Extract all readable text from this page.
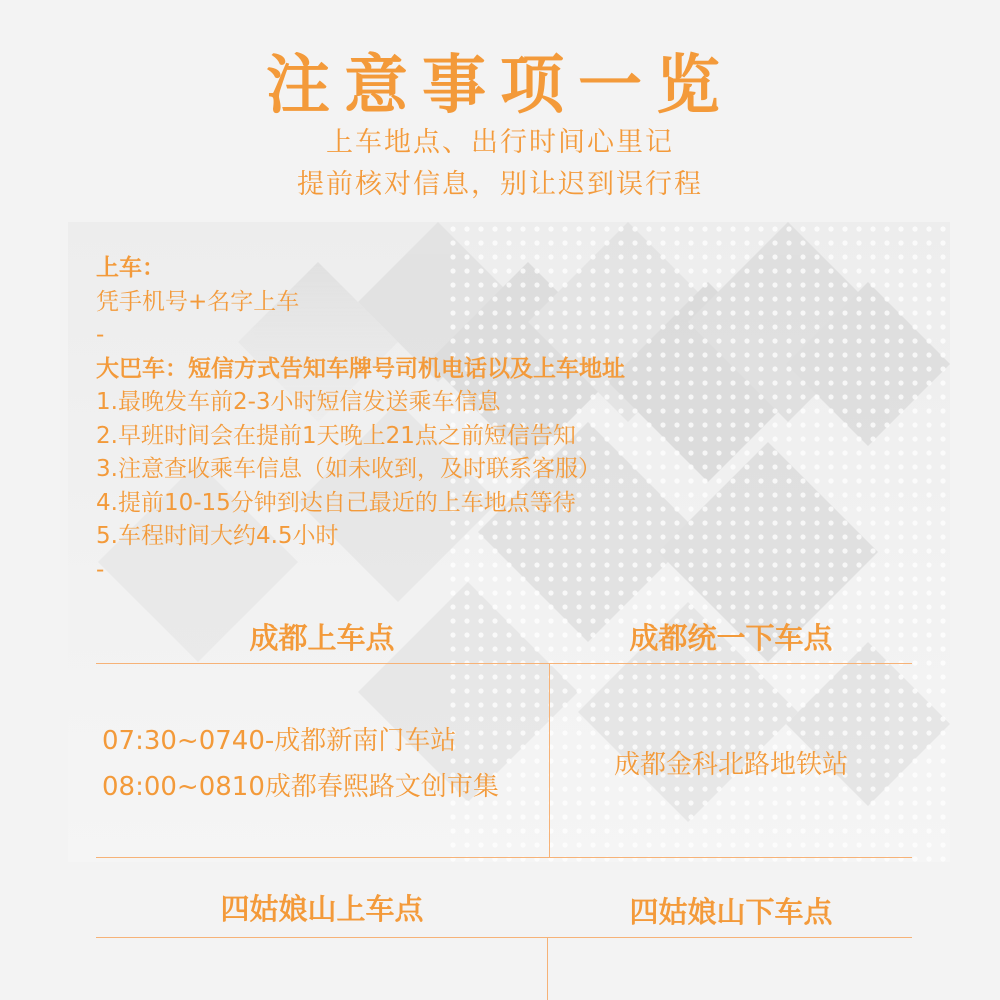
注意事项一览
上车地点、出行时间心里记
提前核对信息，别让迟到误行程
上车：
凭手机号+名字上车
-
大巴车：短信方式告知车牌号司机电话以及上车地址
1.最晚发车前2-3小时短信发送乘车信息
2.早班时间会在提前1天晚上21点之前短信告知
3.注意查收乘车信息（如未收到，及时联系客服）
4.提前10-15分钟到达自己最近的上车地点等待
5.车程时间大约4.5小时
-
成都上车点	成都统一下车点
07:30~0740-成都新南门车站
08:00~0810成都春熙路文创市集
成都金科北路地铁站
四姑娘山上车点	四姑娘山下车点
